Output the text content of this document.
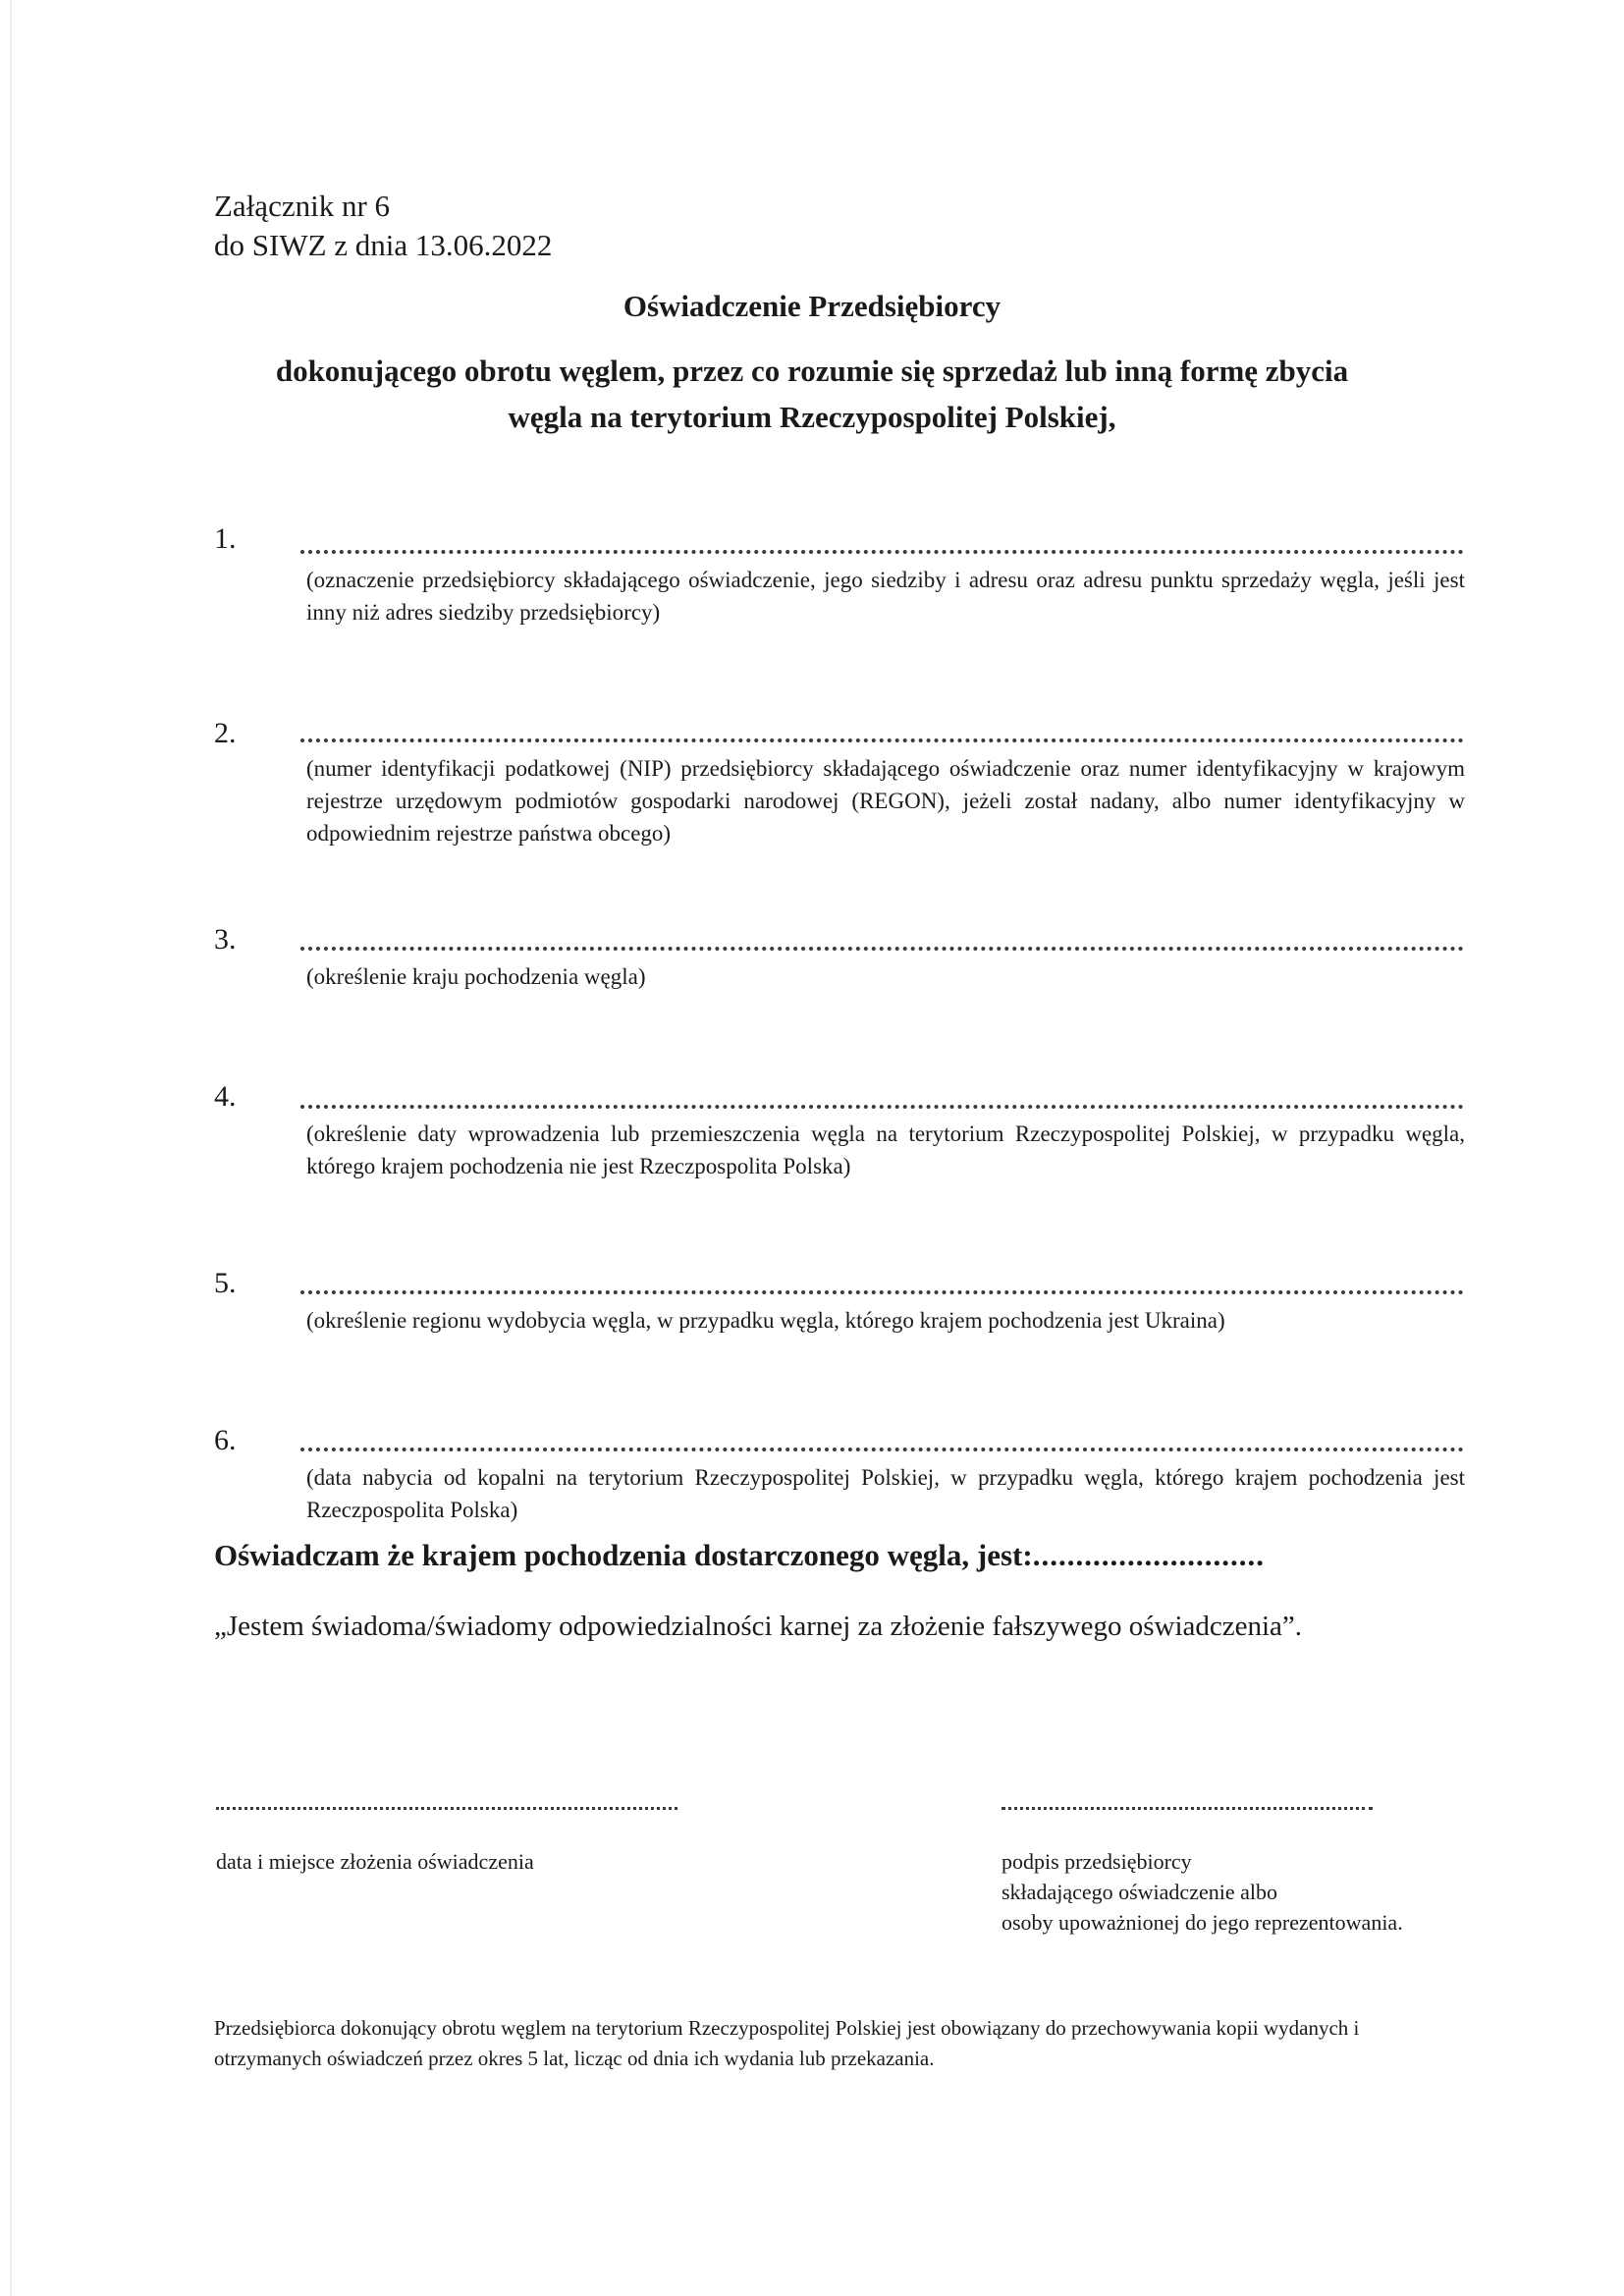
Załącznik nr 6
do SIWZ z dnia 13.06.2022
Oświadczenie Przedsiębiorcy
dokonującego obrotu węglem, przez co rozumie się sprzedaż lub inną formę zbycia
węgla na terytorium Rzeczypospolitej Polskiej,
1.
(oznaczenie przedsiębiorcy składającego oświadczenie, jego siedziby i adresu oraz adresu punktu sprzedaży węgla, jeśli jest inny niż adres siedziby przedsiębiorcy)
2.
(numer identyfikacji podatkowej (NIP) przedsiębiorcy składającego oświadczenie oraz numer identyfikacyjny w krajowym rejestrze urzędowym podmiotów gospodarki narodowej (REGON), jeżeli został nadany, albo numer identyfikacyjny w odpowiednim rejestrze państwa obcego)
3.
(określenie kraju pochodzenia węgla)
4.
(określenie daty wprowadzenia lub przemieszczenia węgla na terytorium Rzeczypospolitej Polskiej, w przypadku węgla, którego krajem pochodzenia nie jest Rzeczpospolita Polska)
5.
(określenie regionu wydobycia węgla, w przypadku węgla, którego krajem pochodzenia jest Ukraina)
6.
(data nabycia od kopalni na terytorium Rzeczypospolitej Polskiej, w przypadku węgla, którego krajem pochodzenia jest Rzeczpospolita Polska)
Oświadczam że krajem pochodzenia dostarczonego węgla, jest:...........................
„Jestem świadoma/świadomy odpowiedzialności karnej za złożenie fałszywego oświadczenia”.
data i miejsce złożenia oświadczenia	podpis przedsiębiorcy
składającego oświadczenie albo
osoby upoważnionej do jego reprezentowania.
Przedsiębiorca dokonujący obrotu węglem na terytorium Rzeczypospolitej Polskiej jest obowiązany do przechowywania kopii wydanych i otrzymanych oświadczeń przez okres 5 lat, licząc od dnia ich wydania lub przekazania.
